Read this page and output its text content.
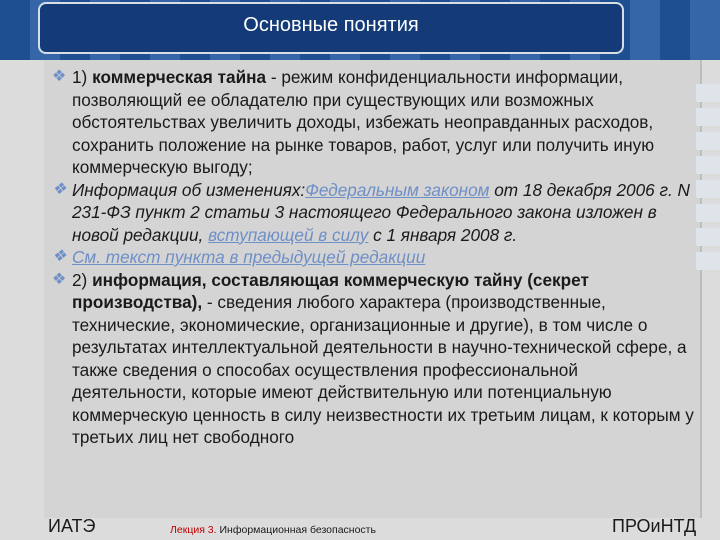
Основные понятия
❖ 1) коммерческая тайна - режим конфиденциальности информации, позволяющий ее обладателю при существующих или возможных обстоятельствах увеличить доходы, избежать неоправданных расходов, сохранить положение на рынке товаров, работ, услуг или получить иную коммерческую выгоду;
❖ Информация об изменениях:Федеральным законом от 18 декабря 2006 г. N 231-ФЗ пункт 2 статьи 3 настоящего Федерального закона изложен в новой редакции, вступающей в силу с 1 января 2008 г.
❖ См. текст пункта в предыдущей редакции
❖ 2) информация, составляющая коммерческую тайну (секрет производства), - сведения любого характера (производственные, технические, экономические, организационные и другие), в том числе о результатах интеллектуальной деятельности в научно-технической сфере, а также сведения о способах осуществления профессиональной деятельности, которые имеют действительную или потенциальную коммерческую ценность в силу неизвестности их третьим лицам, к которым у третьих лиц нет свободного
ИАТЭ	Лекция 3. Информационная безопасность	ПРОиНТД
